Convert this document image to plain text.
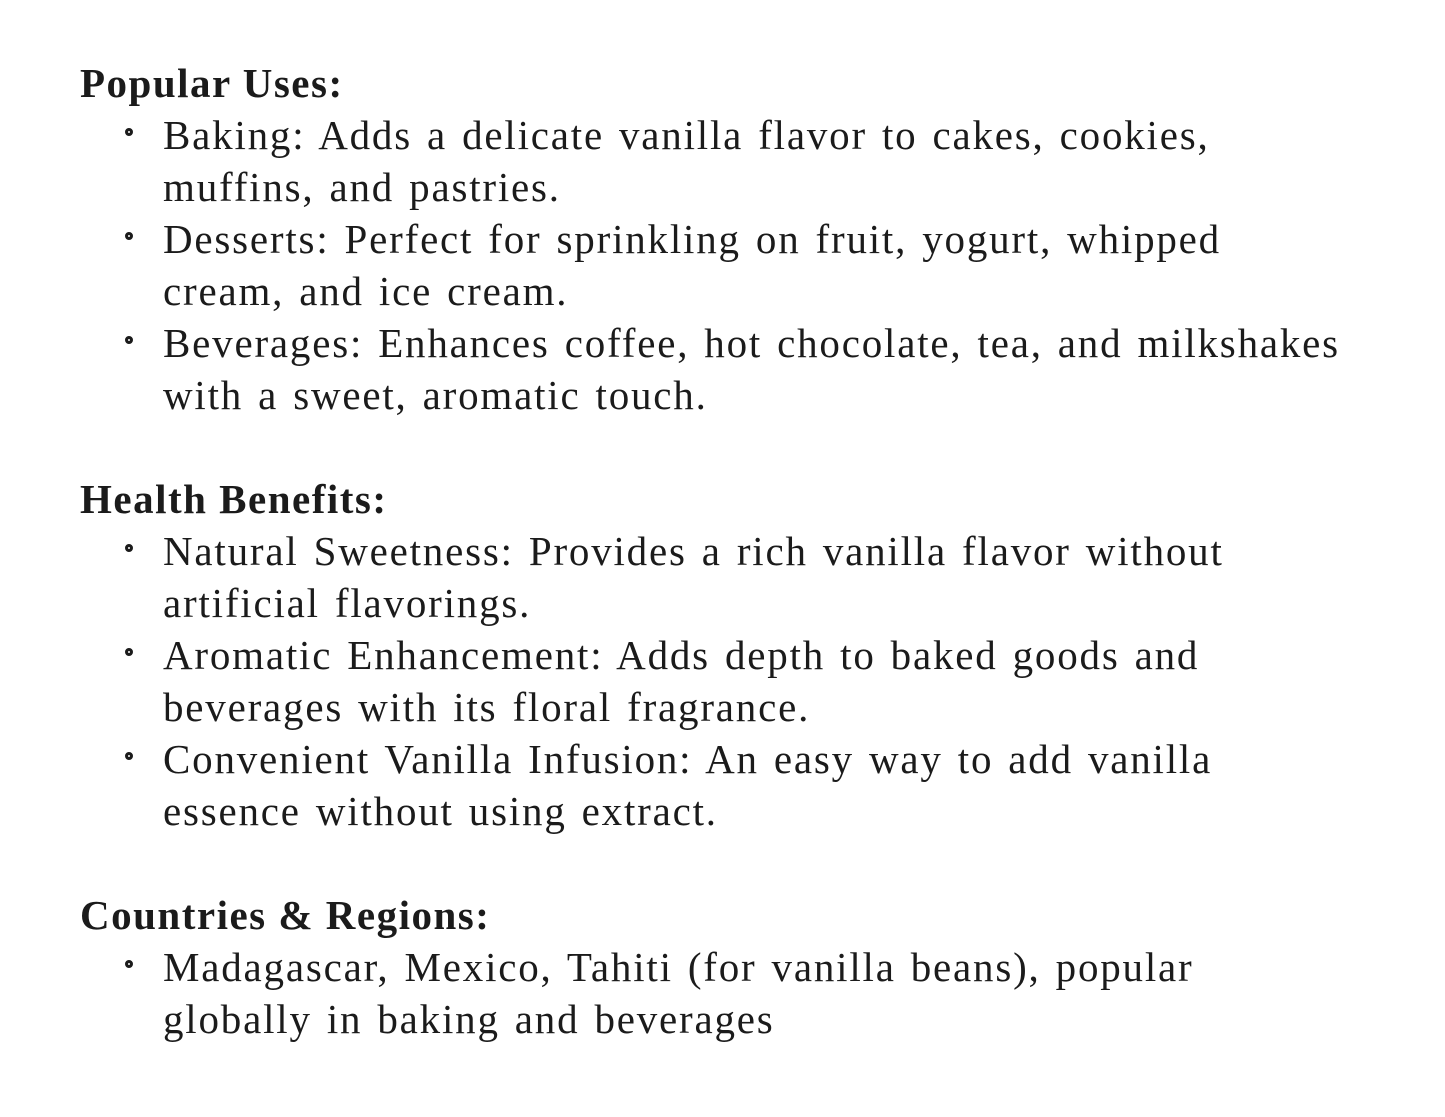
Popular Uses:
Baking: Adds a delicate vanilla flavor to cakes, cookies, muffins, and pastries.
Desserts: Perfect for sprinkling on fruit, yogurt, whipped cream, and ice cream.
Beverages: Enhances coffee, hot chocolate, tea, and milkshakes with a sweet, aromatic touch.
Health Benefits:
Natural Sweetness: Provides a rich vanilla flavor without artificial flavorings.
Aromatic Enhancement: Adds depth to baked goods and beverages with its floral fragrance.
Convenient Vanilla Infusion: An easy way to add vanilla essence without using extract.
Countries & Regions:
Madagascar, Mexico, Tahiti (for vanilla beans), popular globally in baking and beverages
